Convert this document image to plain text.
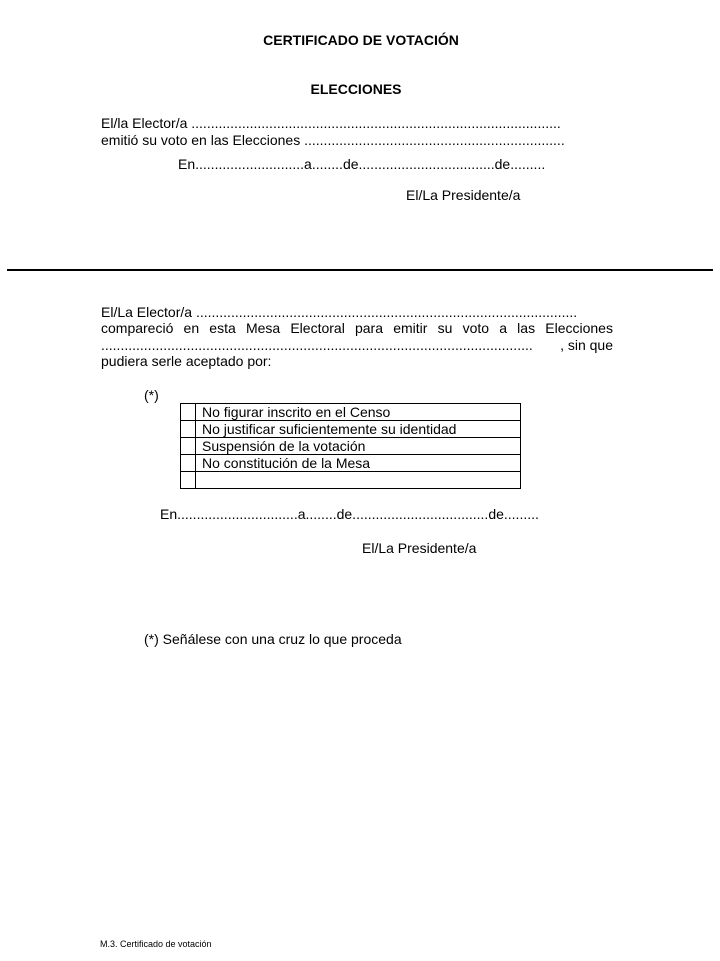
CERTIFICADO DE VOTACIÓN
ELECCIONES
El/la Elector/a ...............................................................................................
emitió su voto en las Elecciones ...................................................................
En............................a........de...................................de.........
El/La Presidente/a
El/La Elector/a ..................................................................................................
compareció en esta Mesa Electoral para emitir su voto a las Elecciones
...............................................................................................................	, sin que
pudiera serle aceptado por:
(*)
	No figurar inscrito en el Censo
	No justificar suficientemente su identidad
	Suspensión de la votación
	No constitución de la Mesa

En...............................a........de...................................de.........
El/La Presidente/a
(*) Señálese con una cruz lo que proceda
M.3. Certificado de votación
